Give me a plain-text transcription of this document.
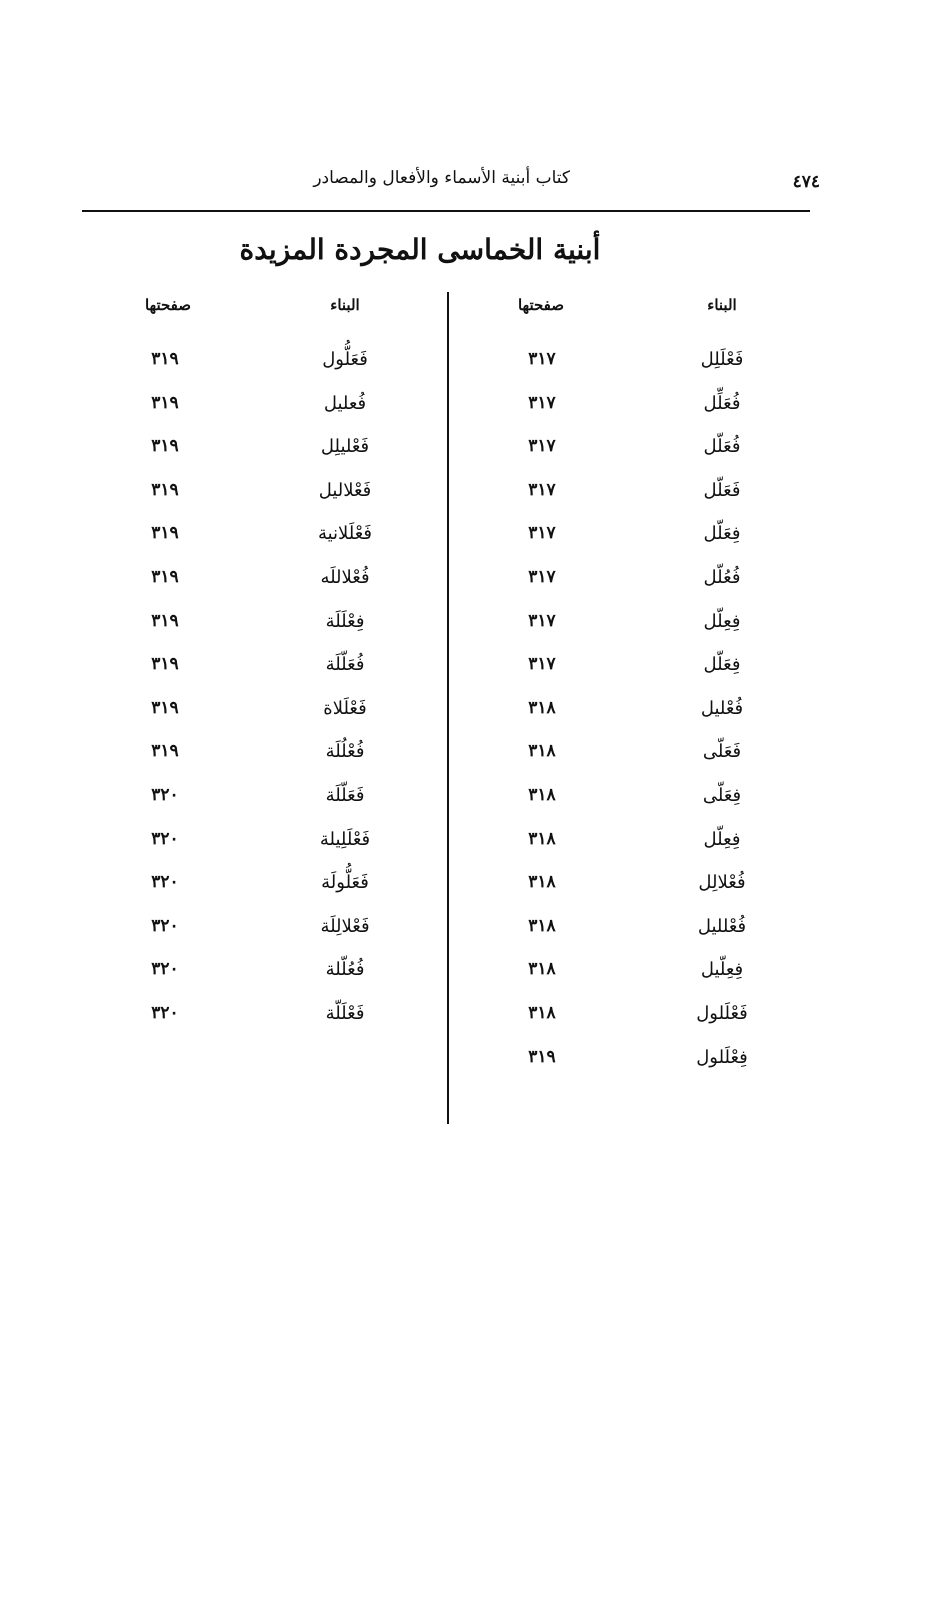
كتاب أبنية الأسماء والأفعال والمصادر	٤٧٤
أبنية الخماسى المجردة المزيدة
البناء
صفحتها
البناء
صفحتها
فَعْلَلِل
٣١٧
فُعَلِّل
٣١٧
فُعَلّل
٣١٧
فَعَلّل
٣١٧
فِعَلّل
٣١٧
فُعُلّل
٣١٧
فِعِلّل
٣١٧
فِعَلّل
٣١٧
فُعْليل
٣١٨
فَعَلّى
٣١٨
فِعَلّى
٣١٨
فِعِلّل
٣١٨
فُعْلالِل
٣١٨
فُعْلليل
٣١٨
فِعِلّيل
٣١٨
فَعْلَلول
٣١٨
فِعْلَلول
٣١٩
فَعَلُّول
٣١٩
فُعليل
٣١٩
فَعْليلِل
٣١٩
فَعْلاليل
٣١٩
فَعْلَلانية
٣١٩
فُعْلاللَه
٣١٩
فِعْلَلَة
٣١٩
فُعَلّلَة
٣١٩
فَعْلَلاة
٣١٩
فُعْلُلَة
٣١٩
فَعَلّلَة
٣٢٠
فَعْلَلِيلة
٣٢٠
فَعَلُّولَة
٣٢٠
فَعْلالِلَة
٣٢٠
فُعُلّلة
٣٢٠
فَعْلَلّة
٣٢٠
